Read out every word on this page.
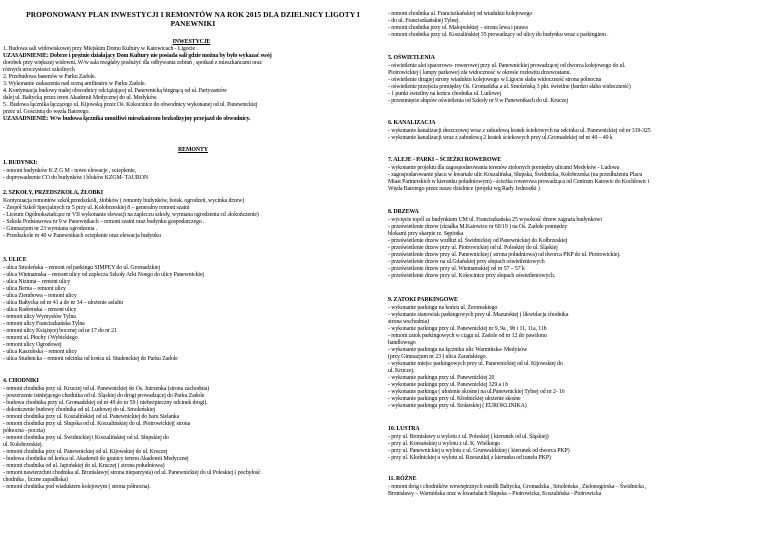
PROPONOWANY PLAN INWESTYCJI I REMONTÓW NA ROK 2015 DLA DZIELNICY LIGOTY I
PANEWNIKI
INWESTYCJE
1. Budowa sali widowiskowej przy Miejskim Domu Kultury w Katowicach - Ligocie .
UZASADNIENIE: Dobrze i prężnie działający Dom Kultury nie posiada sali gdzie można by było wykazać swój
dorobek przy większej widowni..W/w sala mogłaby posłużyć dla odbywania zebrań , spotkań z mieszkańcami oraz
różnych uroczystości szkolnych
2. Przebudowa basenów w Parku Zadole.
3. Wykonanie zadaszenia nad sceną amfiteatru w Parku Zadole.
4. Kontynuacja budowy małej obwodnicy odciążającej ul. Panewnicką biegnącą od ul. Partyzantów
dalej ul. Bałtycką przez teren Akademii Medycznej do ul. Medyków.
5 . Budowa łącznika łączącego ul. Kijowską przez Oś. Kokocinice do obwodnicy wykonanej od ul. Panewnickiej
przez ul. Gościnną do węzła Batorego.
UZASADNIENIE: W/w budowa łącznika umożliwi mieszkańcom bezkolizyjny przejazd do obwodnicy.
REMONTY
1. BUDYNKI:
- remont budynków K Z G M - nowe elewacje , ocieplenie,
- doprowadzenie CO do budynków i bloków KZGM- TAURON
2. SZKOŁY, PRZEDSZKOLA, ŻŁOBKI
Kontynuacja remontów szkół,przedszkoli, żłobków ( remonty budynków, boisk. ogrodzeń, wycinka drzew)
- Zespół Szkół Specjalnych nr 5 przy ul. Kołobrzeskiej 8 – generalny remont szatni
- Liceum Ogólnokształcące nr VII wykonanie elewacji na zapleczu szkoły, wymiana ogrodzenia cd .dokończenie)
- Szkoła Podstawowa nr 9 w Panewnikach – remont szatni oraz budynku gospodarczego .
- Gimnazjum nr 23 wymiana ogrodzenia .
- Przedszkole nr 40 w Panewnikach ocieplenie oraz elewacja budynku
3. ULICE
- ulica Smoleńska – remont od parkingu SIMPEY do ul. Gromadzkiej
- ulica Wietnamska – remont ulicy od zaplecza Szkoły Arki Noego do ulicy Panewnickiej
- ulica Nizinna – remont ulicy
- ulica Berna – remont ulicy
- ulica Ziembowa – remont ulicy
- ulica Bałtycka od nr 41 a do nr 34 – ułożenie asfaltu
- ulica Radomska – remont ulicy
- remont ulicy Wymysłów Tylna
- remont ulicy Franciszkańska Tylna
- remont ulicy Książęcej bocznej od nr 17 do nr 21
- remont ul. Płochy i Wybickiego
- remont ulicy Ogrodowej
- ulica Kaszubska – remont ulicy
- ulica Studencka – remont odcinka od końca ul. Studenckiej do Parku Zadole
4. CHODNIKI
- remont chodnika przy ul. Kruczej od ul. Panewnickiej do Os. Jutrzenka (strona zachodnia)
- poszerzenie istniejącego chodnika od ul. Śląskiej do drogi prowadzącej do Parku Zadole
- budowa chodnika przy ul. Gromadzkiej od nr 49 do nr 59 ( niebezpieczny odcinek drogi).
- dokończenie budowy chodnika od ul. Ludowej do ul. Smoleńskiej
- remont chodnika przy ul. Koszalińskiej od ul. Panewnickiej do baru Sielanka
- remont chodnika przy ul. Słupska od ul. Koszalińskiej do ul. Piotrowickiej( strona
północna - poczta)
- remont chodnika przy ul. Świdnickiej i Koszalińskiej od ul. Słupskiej do
ul. Kołobrzeskiej.
- remont chodnika przy ul. Panewnickiej od ul. Kijowskiej do ul. Kruczej
- budowa chodnika od końca ul. Akademii do granicy terenu Akademii Medycznej
- remont chodnika od ul. Japońskiej do ul. Kruczej ( strona południowa)
- remont nawierzchni chodnika ul. Bronisławy( strona nieparzysta) od ul. Panewnickiej do ul Poleskiej ( pochyłość
chodnika , liczne zapadliska)
- remont chodnika pod wiaduktem kolejowym ( strona północna).
- remont chodnika ul. Franciszkańskiej od wiaduktu kolejowego
- do ul. Franciszkańskiej Tylnej.
- remont chodnika przy ul. Małopolskiej – strona lewa i prawa
- remont chodnika przy ul. Koszalińskiej 35 prowadzący od ulicy do budynku wraz z parkingiem .
5. OŚWIETLENIA
- oświetlenie alei spacerowo- rowerowej przy ul. Panewnickiej prowadzącej od dworca kolejowego do ul.
Piotrowickiej ( lampy parkowe) zła widoczność w okresie rozkwitu drzewostanu.
- oświetlenie drugiej strony wiaduktu kolejowego w Ligocie słaba widoczność strona północna
- oświetlenie przejścia pomiędzy Oś. Gromadzka a ul. Smoleńską 3 pkt. świetlne (bardzo słaba widoczność)
- 1 punkt świetlny na końcu chodnika ul. Ludowej
- przesunięcie słupów oświetlenia od Szkoły nr 9 w Panewnikach do ul. Kruczej
6. KANALIZACJA
- wykonanie kanalizacji deszczowej wraz z zabudową kratek ściekowych na odcinku ul. Panewnickiej od nr 319-325
- wykonanie kanalizacji wraz z zabudową 2 kratek ściekowych przy ul.Gromadzkiej od nr 49 – 49 k
7. ALEJE - PARKI – ŚCIEŻKI ROWEROWE
- wykonanie projektu dla zagospodarowania terenów zielonych pomiędzy ulicami Medyków - Ludowa
- zagospodarowanie placu w kwartale ulic Koszalińska, Słupska, Świdnicka, Kołobrzeska (na przedłużeniu Placu
Miast Partnerskich w kierunku południowym) - ścieżka rowerowa prowadząca od Centrum Katowic do Kochłowic i
Węzła Batorego przez nasze dzielnice (projekt wg Rady Jednostki )
8. DRZEWA
- wycięcie topól za budynkiem UM ul. Franciszkańska 25 wysokość drzew zagraża budynkowi
- prześwietlenie drzew (działka M.Katowice nr 60/19 ) na Oś. Zadole pomiędzy
blokami przy skarpie rz. Sępiotka
- prześwietlenie drzew wzdłuż ul. Świdnickiej od Panewnickiej do Kołbrzeskiej
- prześwietlenie drzew przy ul. Piotrowickiej od ul. Poleskiej do ul. Śląskiej
- prześwietlenie drzew przy ul. Panewnickiej ( strona południowa) od dworca PKP do ul. Piotrowickiej.
- prześwietlenie drzew na ul.Gdańskiej przy słupach oświetleniowych
- prześwietlenie drzew przy ul. Wietnamskiej od nr 57 – 57 k
- prześwietlenie drzew przy ul. Kokocinice przy słupach oświetleniowych.
9. ZATOKI PARKINGOWE
- wykonanie parkingu na końcu ul. Żeromskiego
- wykonanie stanowisk parkingowych przy ul. Mazurskiej ( likwidacja chodnika
strona wschodnia)
- wykonanie parkingu przy ul. Panewnickiej nr 9, 9a , 9b i 11, 11a, 11b
- remont zatok parkingowych w ciągu ul. Zadole od nr 12 do pawilonu
handlowego
- wykonanie parkingu na łączniku ulic Warmińska- Medyków
(przy Gimnazjum nr 23 ) ulica Zarańskiego.
- wykonanie miejsc parkingowych przy ul. Panewnickiej od ul. Kijowskiej do
ul. Kruczej.
- wykonanie parkingu przy ul. Panewnickiej 20
- wykonanie parkingu przy ul. Panewnickiej 329 a i b
- wykonanie parkinga ( ułożenie skośne) na ul.Panewnickiej Tylnej od nr 2- 16
- wykonanie parkingu przy ul. Kłodnickiej ułożenie skośne
- wykonanie parkingu przy ul. Stolarskiej ( EUROKLINIKA)
10. LUSTRA
- przy ul. Bronisławy u wylotu z ul. Poleskiej ( kierunek od ul. Śląskiej)
- przy ul. Koreańskiej u wylotu z ul. K. Wielkiego
- przy ul. Panewnickiej u wylotu z ul. Grunwaldzkiej ( kierunek od dworca PKP)
- przy ul. Kłodnickiej u wylotu ul. Rzeszutki( z kierunku od tunelu PKP)
11. RÓŻNE
- remont dróg i chodników wewnętrznych osiedli Bałtycka, Gromadzka , Smoleńska , Zielonogórska – Świdnicka ,
Bronisławy – Warmińska oraz w kwartałach Słupska – Piotrowicka, Koszalińska - Piotrowicka
